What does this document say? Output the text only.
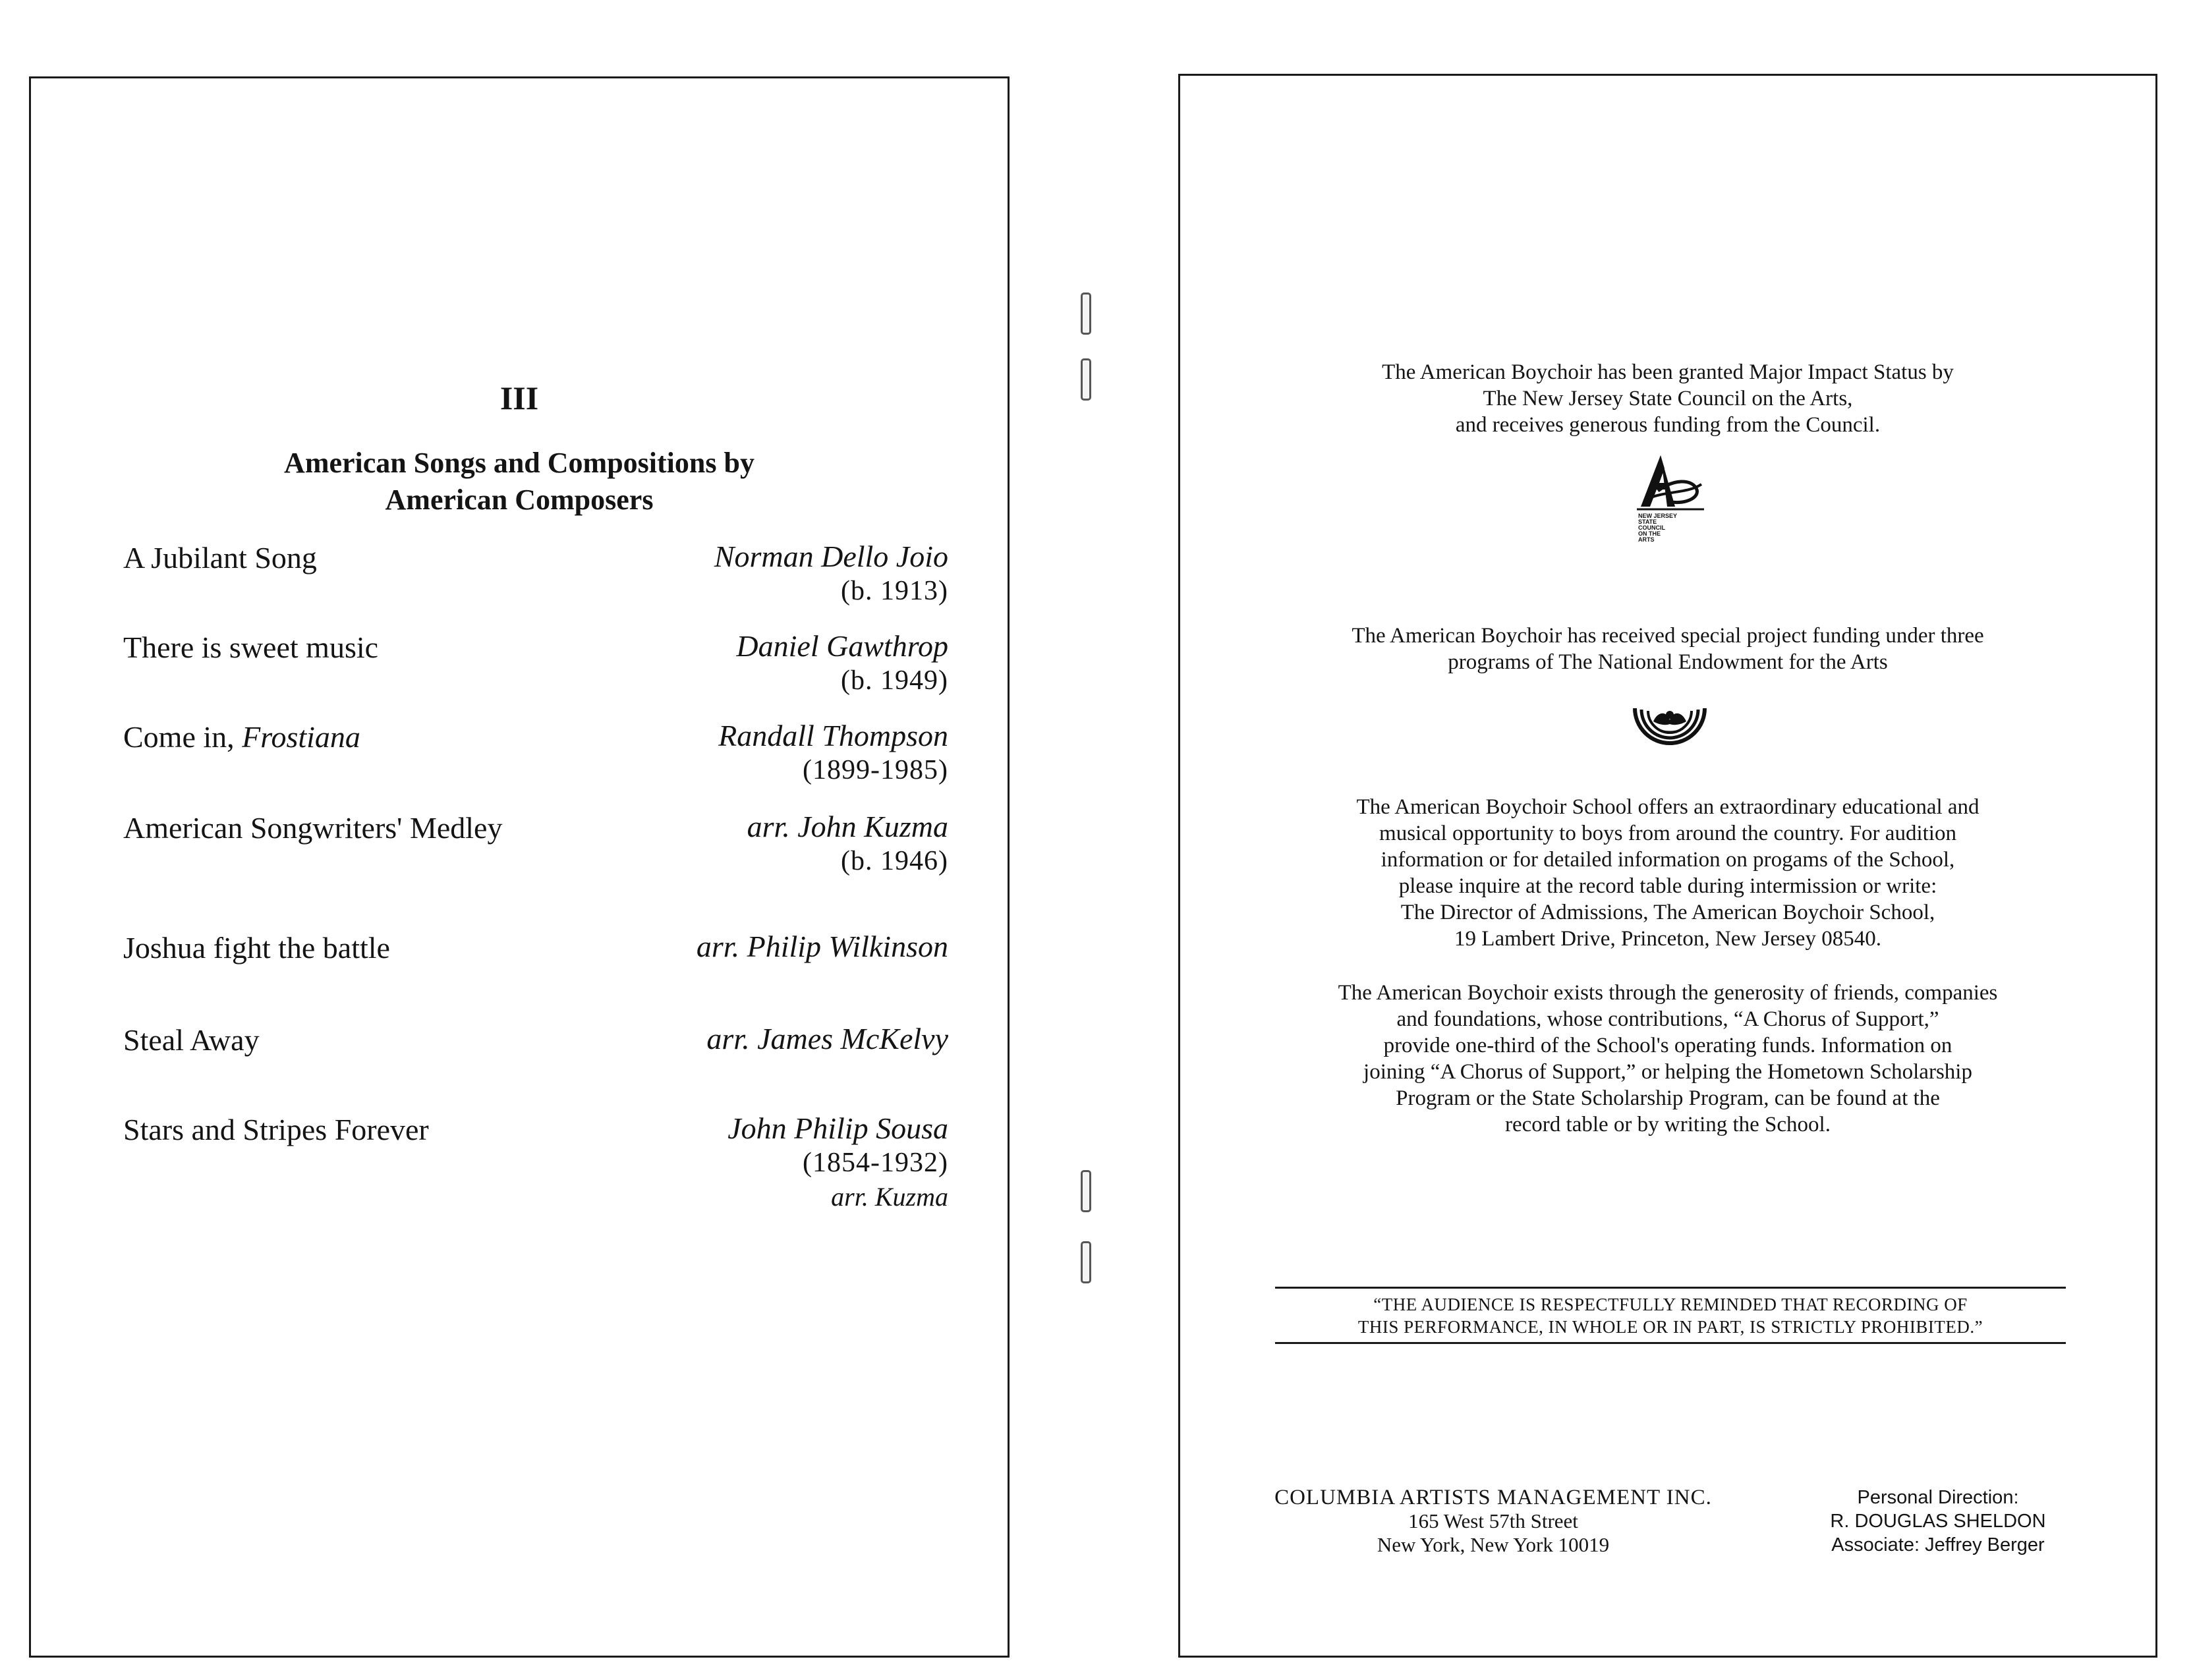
III
American Songs and Compositions by
American Composers
A Jubilant Song	Norman Dello Joio
(b. 1913)
There is sweet music	Daniel Gawthrop
(b. 1949)
Come in, Frostiana	Randall Thompson
(1899-1985)
American Songwriters' Medley	arr. John Kuzma
(b. 1946)
Joshua fight the battle	arr. Philip Wilkinson
Steal Away	arr. James McKelvy
Stars and Stripes Forever	John Philip Sousa
(1854-1932)
arr. Kuzma
The American Boychoir has been granted Major Impact Status by
The New Jersey State Council on the Arts,
and receives generous funding from the Council.
NEW JERSEY
STATE
COUNCIL
ON THE
ARTS
The American Boychoir has received special project funding under three
programs of The National Endowment for the Arts
The American Boychoir School offers an extraordinary educational and
musical opportunity to boys from around the country. For audition
information or for detailed information on progams of the School,
please inquire at the record table during intermission or write:
The Director of Admissions, The American Boychoir School,
19 Lambert Drive, Princeton, New Jersey 08540.
The American Boychoir exists through the generosity of friends, companies
and foundations, whose contributions, “A Chorus of Support,”
provide one-third of the School's operating funds. Information on
joining “A Chorus of Support,” or helping the Hometown Scholarship
Program or the State Scholarship Program, can be found at the
record table or by writing the School.
“THE AUDIENCE IS RESPECTFULLY REMINDED THAT RECORDING OF
THIS PERFORMANCE, IN WHOLE OR IN PART, IS STRICTLY PROHIBITED.”
COLUMBIA ARTISTS MANAGEMENT INC.
165 West 57th Street
New York, New York 10019
Personal Direction:
R. DOUGLAS SHELDON
Associate: Jeffrey Berger
